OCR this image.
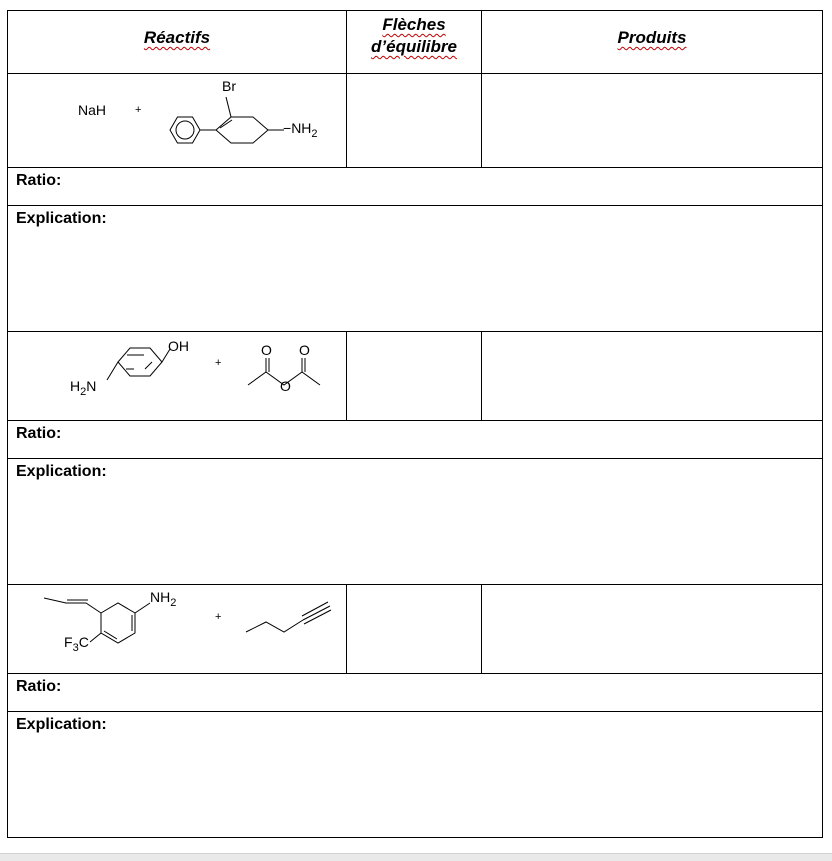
Réactifs
Flèches
d’équilibre	Produits
NaH	+
Br
$-NH_2$
OH
$H_2N$
+
O O
O
$NH_2$
$F_3C$
+
Ratio:
Explication:
Ratio:
Explication:
Ratio:
Explication:
